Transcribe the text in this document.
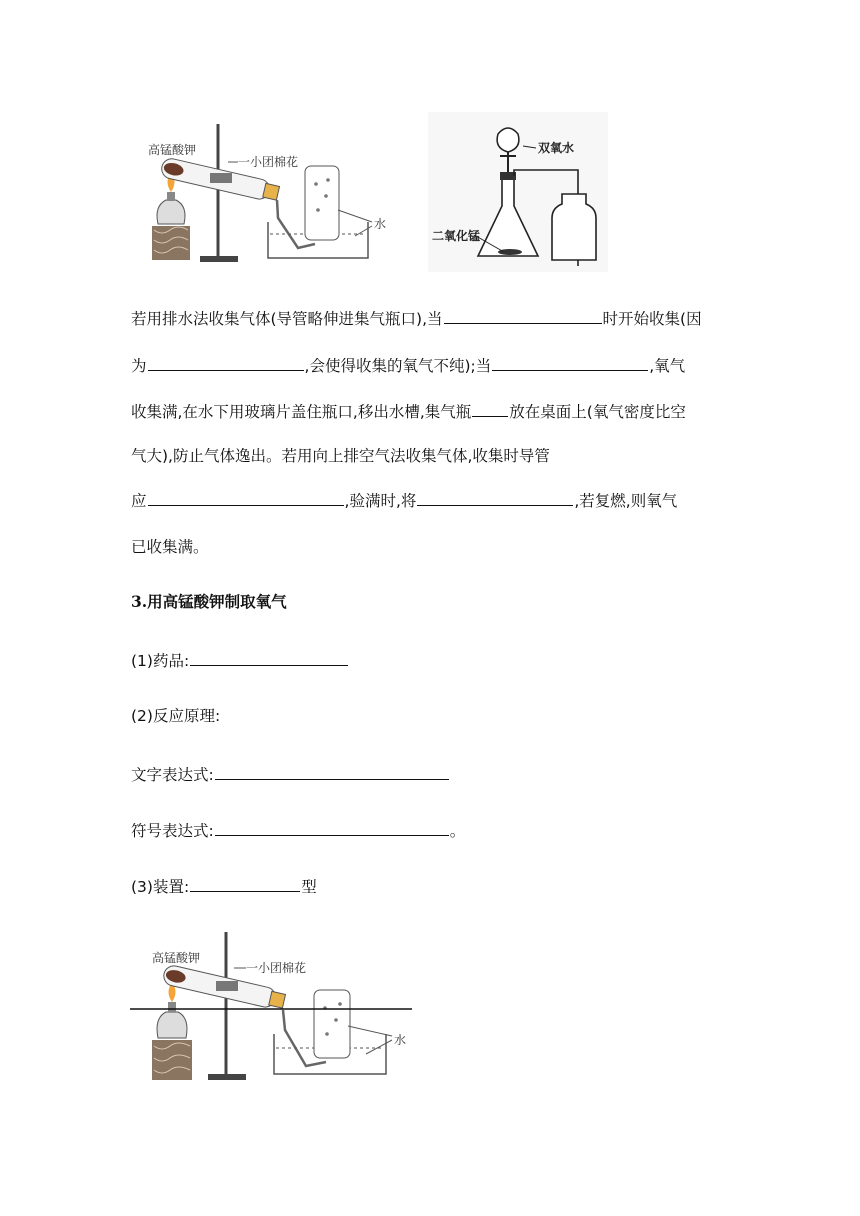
高锰酸钾
一小团棉花
水
双氧水
二氧化锰
若用排水法收集气体(导管略伸进集气瓶口),当	时开始收集(因
为	,会使得收集的氧气不纯);当	,氧气
收集满,在水下用玻璃片盖住瓶口,移出水槽,集气瓶 放在桌面上(氧气密度比空
气大),防止气体逸出。若用向上排空气法收集气体,收集时导管
应	,验满时,将	,若复燃,则氧气
已收集满。
3.用高锰酸钾制取氧气
(1)药品:
(2)反应原理:
文字表达式:
符号表达式:	。
(3)装置:	型
高锰酸钾
一小团棉花
水
